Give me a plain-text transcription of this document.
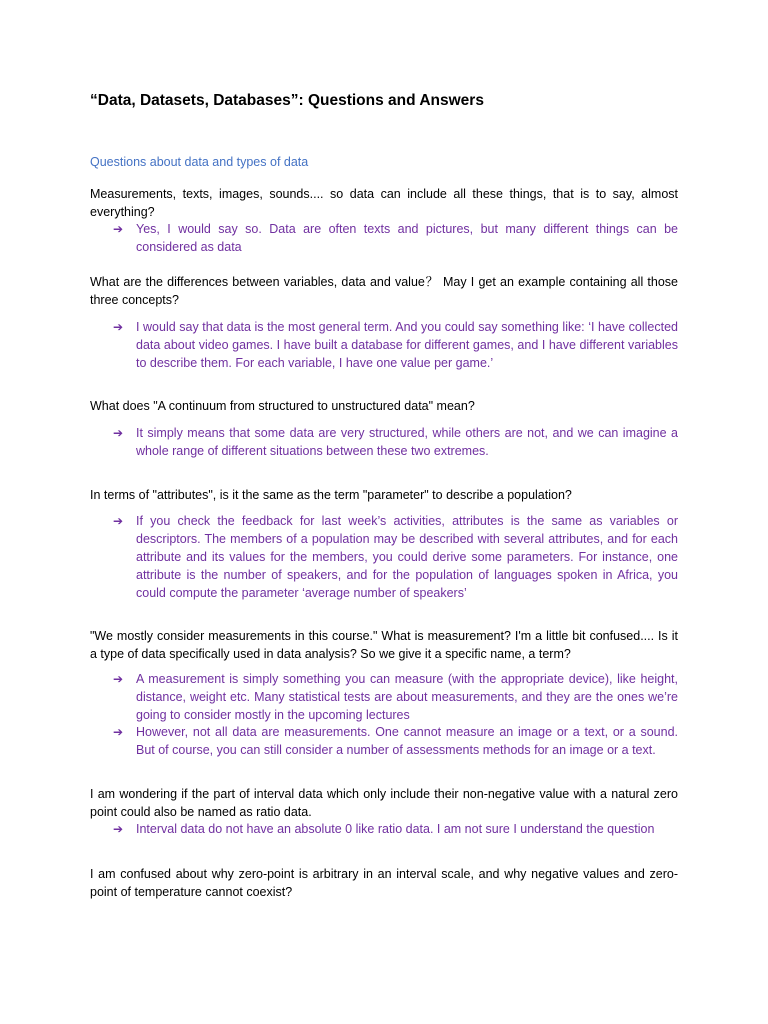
“Data, Datasets, Databases”: Questions and Answers
Questions about data and types of data
Measurements, texts, images, sounds.... so data can include all these things, that is to say, almost everything?
➔	Yes, I would say so. Data are often texts and pictures, but many different things can be considered as data
What are the differences between variables, data and value？ May I get an example containing all those three concepts?
➔	I would say that data is the most general term. And you could say something like: ‘I have collected data about video games. I have built a database for different games, and I have different variables to describe them. For each variable, I have one value per game.’
What does "A continuum from structured to unstructured data" mean?
➔	It simply means that some data are very structured, while others are not, and we can imagine a whole range of different situations between these two extremes.
In terms of "attributes", is it the same as the term "parameter" to describe a population?
➔	If you check the feedback for last week’s activities, attributes is the same as variables or descriptors. The members of a population may be described with several attributes, and for each attribute and its values for the members, you could derive some parameters. For instance, one attribute is the number of speakers, and for the population of languages spoken in Africa, you could compute the parameter ‘average number of speakers’
"We mostly consider measurements in this course." What is measurement? I'm a little bit confused.... Is it a type of data specifically used in data analysis? So we give it a specific name, a term?
➔	A measurement is simply something you can measure (with the appropriate device), like height, distance, weight etc. Many statistical tests are about measurements, and they are the ones we’re going to consider mostly in the upcoming lectures
➔	However, not all data are measurements. One cannot measure an image or a text, or a sound. But of course, you can still consider a number of assessments methods for an image or a text.
I am wondering if the part of interval data which only include their non-negative value with a natural zero point could also be named as ratio data.
➔	Interval data do not have an absolute 0 like ratio data. I am not sure I understand the question
I am confused about why zero-point is arbitrary in an interval scale, and why negative values and zero-point of temperature cannot coexist?
